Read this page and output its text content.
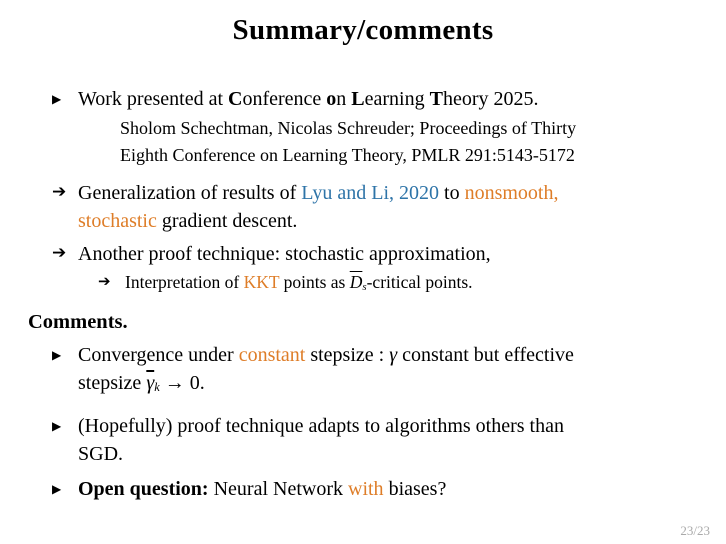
Summary/comments
▶ Work presented at Conference on Learning Theory 2025.
Sholom Schechtman, Nicolas Schreuder; Proceedings of Thirty
Eighth Conference on Learning Theory, PMLR 291:5143-5172
➔ Generalization of results of Lyu and Li, 2020 to nonsmooth,
stochastic gradient descent.
➔ Another proof technique: stochastic approximation,
➔ Interpretation of KKT points as $\overline{D}s$-critical points.
Comments.
▶ Convergence under constant stepsize : γ constant but effective
stepsize $\overline{\gamma}k \to 0$.
▶ (Hopefully) proof technique adapts to algorithms others than
SGD.
▶ Open question: Neural Network with biases?
23/23
